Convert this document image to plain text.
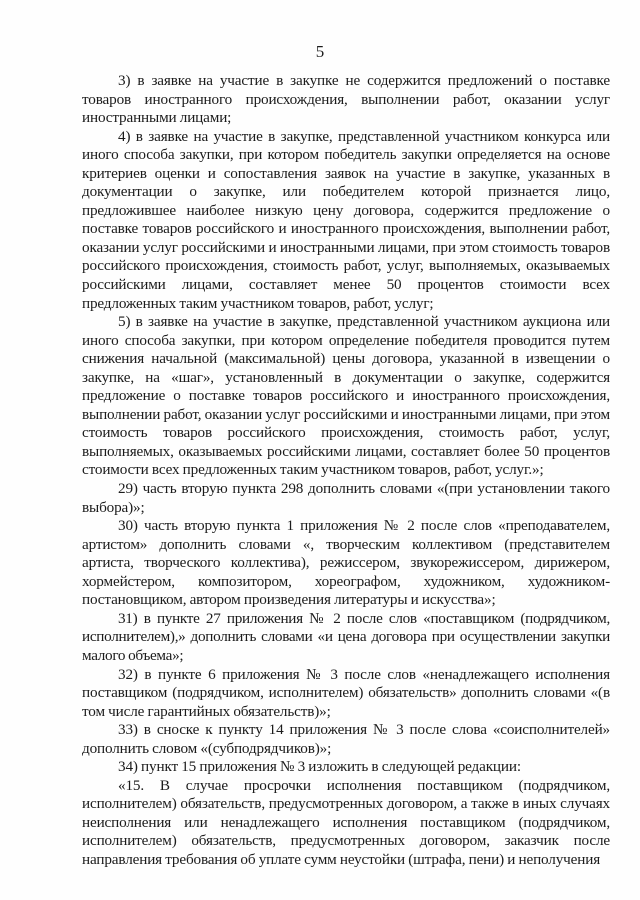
5

3) в заявке на участие в закупке не содержится предложений о поставке товаров иностранного происхождения, выполнении работ, оказании услуг иностранными лицами;

4) в заявке на участие в закупке, представленной участником конкурса или иного способа закупки, при котором победитель закупки определяется на основе критериев оценки и сопоставления заявок на участие в закупке, указанных в документации о закупке, или победителем которой признается лицо, предложившее наиболее низкую цену договора, содержится предложение о поставке товаров российского и иностранного происхождения, выполнении работ, оказании услуг российскими и иностранными лицами, при этом стоимость товаров российского происхождения, стоимость работ, услуг, выполняемых, оказываемых российскими лицами, составляет менее 50 процентов стоимости всех предложенных таким участником товаров, работ, услуг;

5) в заявке на участие в закупке, представленной участником аукциона или иного способа закупки, при котором определение победителя проводится путем снижения начальной (максимальной) цены договора, указанной в извещении о закупке, на «шаг», установленный в документации о закупке, содержится предложение о поставке товаров российского и иностранного происхождения, выполнении работ, оказании услуг российскими и иностранными лицами, при этом стоимость товаров российского происхождения, стоимость работ, услуг, выполняемых, оказываемых российскими лицами, составляет более 50 процентов стоимости всех предложенных таким участником товаров, работ, услуг.»;

29) часть вторую пункта 298 дополнить словами «(при установлении такого выбора)»;

30) часть вторую пункта 1 приложения № 2 после слов «преподавателем, артистом» дополнить словами «, творческим коллективом (представителем артиста, творческого коллектива), режиссером, звукорежиссером, дирижером, хормейстером, композитором, хореографом, художником, художником-постановщиком, автором произведения литературы и искусства»;

31) в пункте 27 приложения № 2 после слов «поставщиком (подрядчиком, исполнителем),» дополнить словами «и цена договора при осуществлении закупки малого объема»;

32) в пункте 6 приложения № 3 после слов «ненадлежащего исполнения поставщиком (подрядчиком, исполнителем) обязательств» дополнить словами «(в том числе гарантийных обязательств)»;

33) в сноске к пункту 14 приложения № 3 после слова «соисполнителей» дополнить словом «(субподрядчиков)»;

34) пункт 15 приложения № 3 изложить в следующей редакции:

«15. В случае просрочки исполнения поставщиком (подрядчиком, исполнителем) обязательств, предусмотренных договором, а также в иных случаях неисполнения или ненадлежащего исполнения поставщиком (подрядчиком, исполнителем) обязательств, предусмотренных договором, заказчик после направления требования об уплате сумм неустойки (штрафа, пени) и неполучения
